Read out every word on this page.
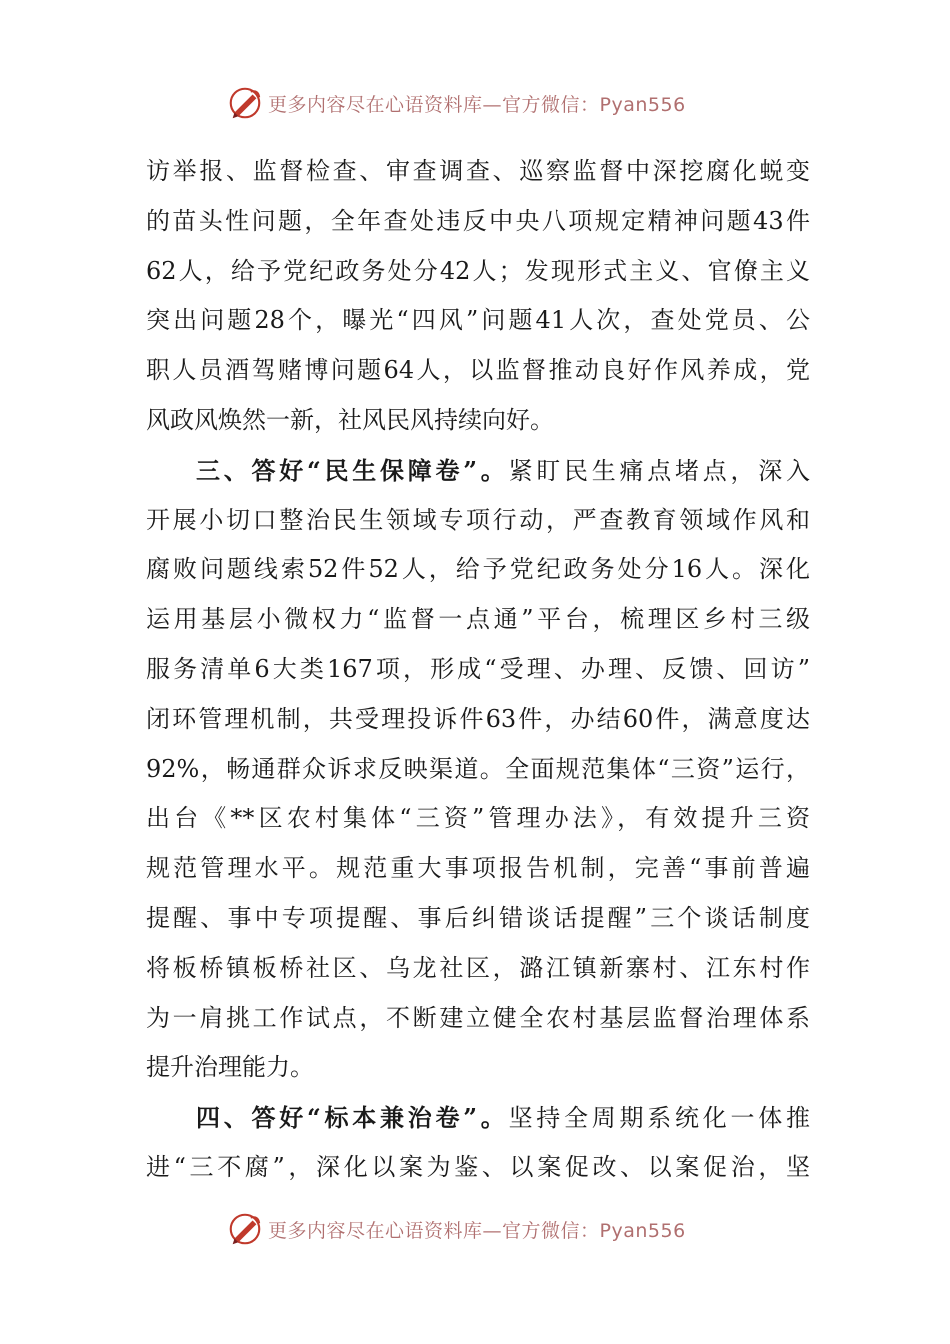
更多内容尽在心语资料库—官方微信：Pyan556
访举报、监督检查、审查调查、巡察监督中深挖腐化蜕变
的苗头性问题，全年查处违反中央八项规定精神问题43件
62人，给予党纪政务处分42人；发现形式主义、官僚主义
突出问题28个，曝光“四风”问题41人次，查处党员、公
职人员酒驾赌博问题64人，以监督推动良好作风养成，党
风政风焕然一新，社风民风持续向好。
三、答好“民生保障卷”。紧盯民生痛点堵点，深入
开展小切口整治民生领域专项行动，严查教育领域作风和
腐败问题线索52件52人，给予党纪政务处分16人。深化
运用基层小微权力“监督一点通”平台，梳理区乡村三级
服务清单6大类167项，形成“受理、办理、反馈、回访”
闭环管理机制，共受理投诉件63件，办结60件，满意度达
92%，畅通群众诉求反映渠道。全面规范集体“三资”运行，
出台《**区农村集体“三资”管理办法》，有效提升三资
规范管理水平。规范重大事项报告机制，完善“事前普遍
提醒、事中专项提醒、事后纠错谈话提醒”三个谈话制度
将板桥镇板桥社区、乌龙社区，潞江镇新寨村、江东村作
为一肩挑工作试点，不断建立健全农村基层监督治理体系
提升治理能力。
四、答好“标本兼治卷”。坚持全周期系统化一体推
进“三不腐”，深化以案为鉴、以案促改、以案促治，坚
更多内容尽在心语资料库—官方微信：Pyan556
